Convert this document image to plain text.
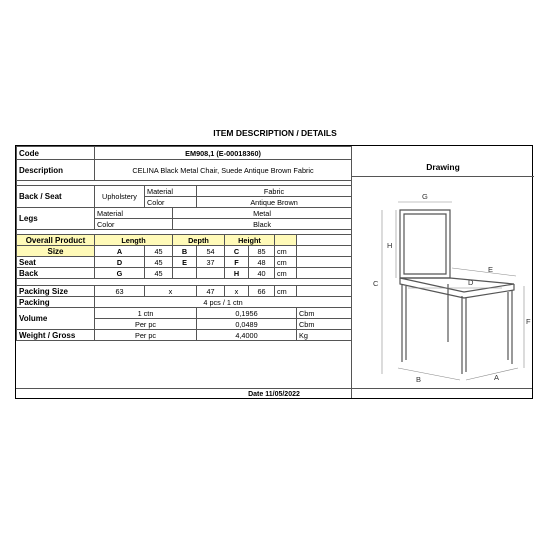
ITEM DESCRIPTION / DETAILS
Code	EM908,1 (E-00018360)							
Description	CELINA Black Metal Chair, Suede Antique Brown Fabric							

Back / Seat	Upholstery	Material		Fabric				
		Color		Antique Brown				
Legs	Material		Metal					
	Color		Black					

Overall Product	Length		Depth		Height			
Size	A	45	B	54	C	85	cm	
Seat	D	45	E	37	F	48	cm	
Back	G	45			H	40	cm	

Packing Size	63	x		47	x	66	cm	
Packing	4 pcs / 1 ctn							
Volume	1 ctn			0,1956				Cbm
	Per pc			0,0489				Cbm
Weight / Gross	Per pc			4,4000				Kg
Drawing
G
H
C
E
D
F
B	A
Date 11/05/2022
